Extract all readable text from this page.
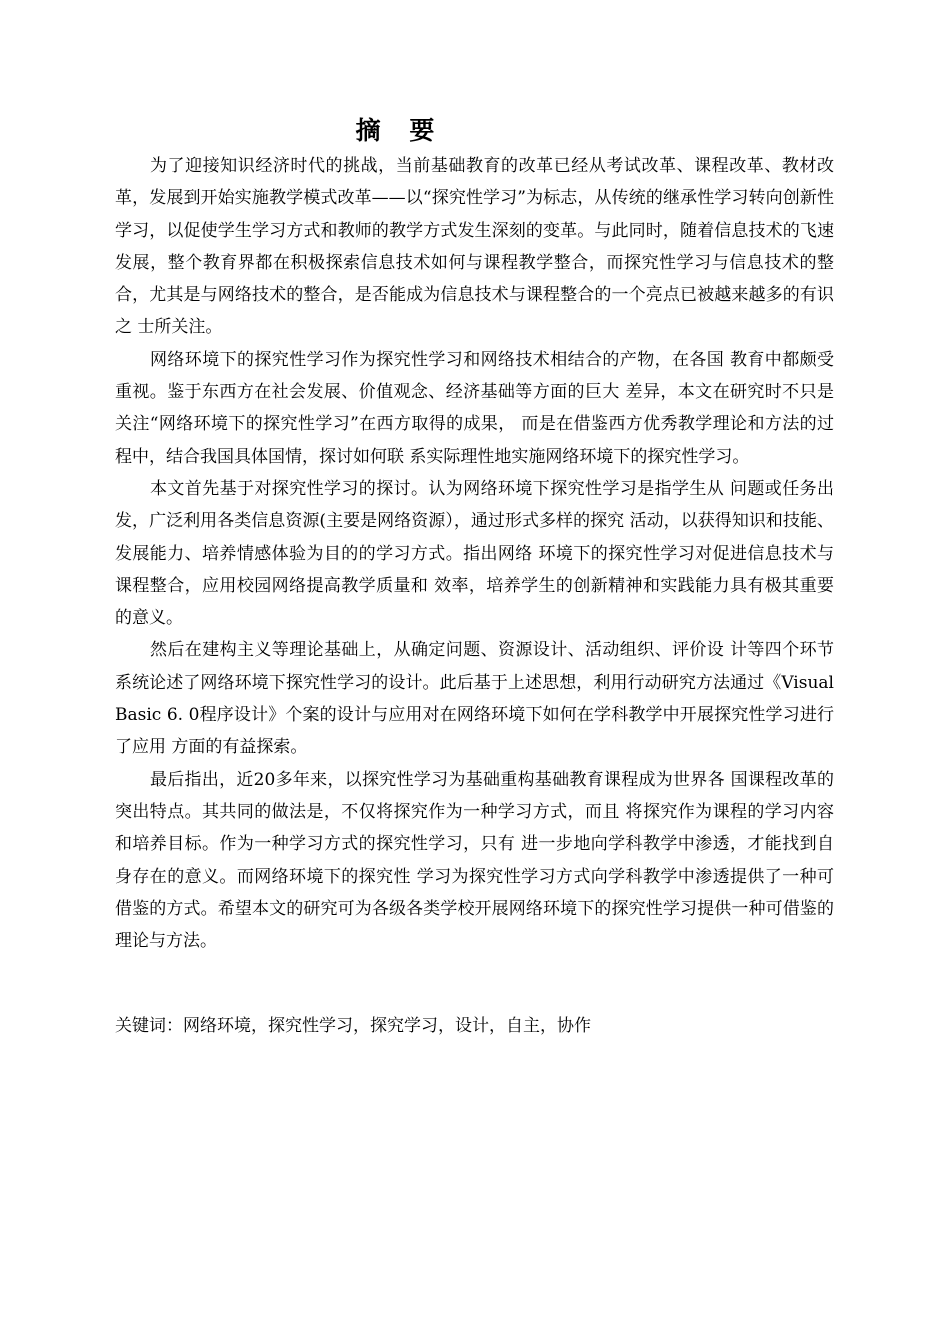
摘 要

为了迎接知识经济时代的挑战，当前基础教育的改革已经从考试改革、课程改革、教材改革，发展到开始实施教学模式改革——以“探究性学习”为标志，从传统的继承性学习转向创新性学习，以促使学生学习方式和教师的教学方式发生深刻的变革。与此同时，随着信息技术的飞速发展，整个教育界都在积极探索信息技术如何与课程教学整合，而探究性学习与信息技术的整合，尤其是与网络技术的整合，是否能成为信息技术与课程整合的一个亮点已被越来越多的有识之 士所关注。

网络环境下的探究性学习作为探究性学习和网络技术相结合的产物，在各国 教育中都颇受重视。鉴于东西方在社会发展、价值观念、经济基础等方面的巨大 差异，本文在研究时不只是关注“网络环境下的探究性学习”在西方取得的成果， 而是在借鉴西方优秀教学理论和方法的过程中，结合我国具体国情，探讨如何联 系实际理性地实施网络环境下的探究性学习。

本文首先基于对探究性学习的探讨。认为网络环境下探究性学习是指学生从 问题或任务出发，广泛利用各类信息资源(主要是网络资源），通过形式多样的探究 活动，以获得知识和技能、发展能力、培养情感体验为目的的学习方式。指出网络 环境下的探究性学习对促进信息技术与课程整合，应用校园网络提高教学质量和 效率，培养学生的创新精神和实践能力具有极其重要的意义。

然后在建构主义等理论基础上，从确定问题、资源设计、活动组织、评价设 计等四个环节系统论述了网络环境下探究性学习的设计。此后基于上述思想，利用行动研究方法通过《Visual Basic 6. 0程序设计》个案的设计与应用对在网络环境下如何在学科教学中开展探究性学习进行了应用 方面的有益探索。

最后指出，近20多年来，以探究性学习为基础重构基础教育课程成为世界各 国课程改革的突出特点。其共同的做法是，不仅将探究作为一种学习方式，而且 将探究作为课程的学习内容和培养目标。作为一种学习方式的探究性学习，只有 进一步地向学科教学中渗透，才能找到自身存在的意义。而网络环境下的探究性 学习为探究性学习方式向学科教学中渗透提供了一种可借鉴的方式。希望本文的研究可为各级各类学校开展网络环境下的探究性学习提供一种可借鉴的理论与方法。

关键词：网络环境，探究性学习，探究学习，设计，自主，协作
